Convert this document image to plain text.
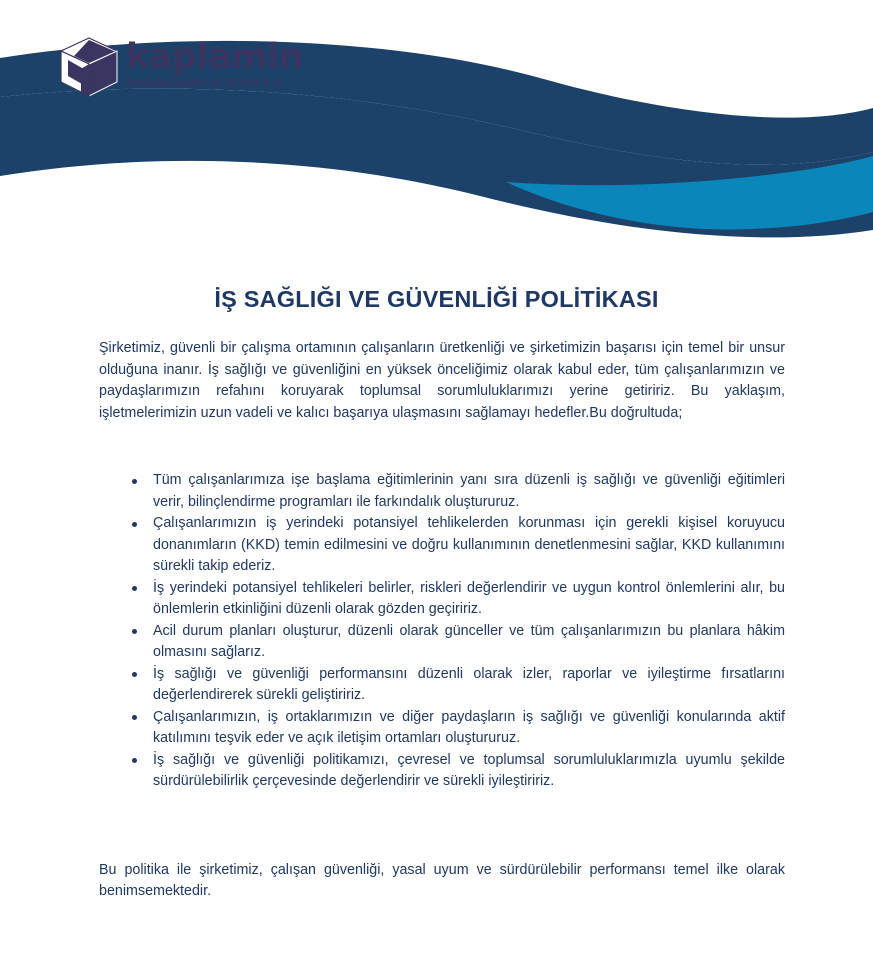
kaplamin
Ambalaj Sanayi ve Ticaret A.Ş.
İŞ SAĞLIĞI VE GÜVENLİĞİ POLİTİKASI

Şirketimiz, güvenli bir çalışma ortamının çalışanların üretkenliği ve şirketimizin başarısı için temel bir unsur olduğuna inanır. İş sağlığı ve güvenliğini en yüksek önceliğimiz olarak kabul eder, tüm çalışanlarımızın ve paydaşlarımızın refahını koruyarak toplumsal sorumluluklarımızı yerine getiririz. Bu yaklaşım, işletmelerimizin uzun vadeli ve kalıcı başarıya ulaşmasını sağlamayı hedefler.Bu doğrultuda;

Tüm çalışanlarımıza işe başlama eğitimlerinin yanı sıra düzenli iş sağlığı ve güvenliği eğitimleri verir, bilinçlendirme programları ile farkındalık oluştururuz.
Çalışanlarımızın iş yerindeki potansiyel tehlikelerden korunması için gerekli kişisel koruyucu donanımların (KKD) temin edilmesini ve doğru kullanımının denetlenmesini sağlar, KKD kullanımını sürekli takip ederiz.
İş yerindeki potansiyel tehlikeleri belirler, riskleri değerlendirir ve uygun kontrol önlemlerini alır, bu önlemlerin etkinliğini düzenli olarak gözden geçiririz.
Acil durum planları oluşturur, düzenli olarak günceller ve tüm çalışanlarımızın bu planlara hâkim olmasını sağlarız.
İş sağlığı ve güvenliği performansını düzenli olarak izler, raporlar ve iyileştirme fırsatlarını değerlendirerek sürekli geliştiririz.
Çalışanlarımızın, iş ortaklarımızın ve diğer paydaşların iş sağlığı ve güvenliği konularında aktif katılımını teşvik eder ve açık iletişim ortamları oluştururuz.
İş sağlığı ve güvenliği politikamızı, çevresel ve toplumsal sorumluluklarımızla uyumlu şekilde sürdürülebilirlik çerçevesinde değerlendirir ve sürekli iyileştiririz.

Bu politika ile şirketimiz, çalışan güvenliği, yasal uyum ve sürdürülebilir performansı temel ilke olarak benimsemektedir.
